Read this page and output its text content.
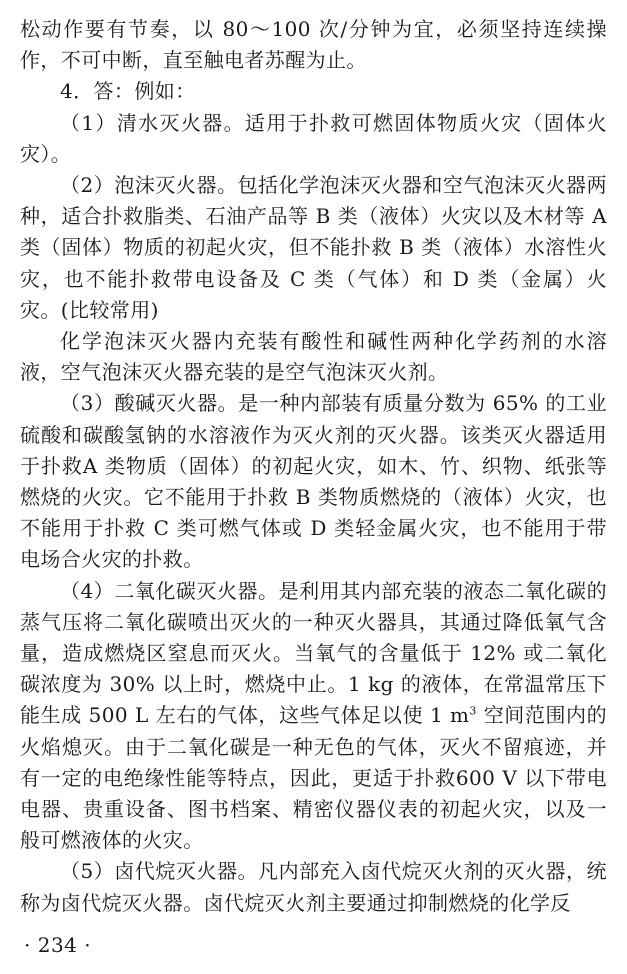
松动作要有节奏，以 80～100 次/分钟为宜，必须坚持连续操作，不可中断，直至触电者苏醒为止。

4．答：例如：

（1）清水灭火器。适用于扑救可燃固体物质火灾（固体火灾）。

（2）泡沫灭火器。包括化学泡沫灭火器和空气泡沫灭火器两种，适合扑救脂类、石油产品等 B 类（液体）火灾以及木材等 A 类（固体）物质的初起火灾，但不能扑救 B 类（液体）水溶性火灾，也不能扑救带电设备及 C 类（气体）和 D 类（金属）火灾。(比较常用)

化学泡沫灭火器内充装有酸性和碱性两种化学药剂的水溶液，空气泡沫灭火器充装的是空气泡沫灭火剂。

（3）酸碱灭火器。是一种内部装有质量分数为 65% 的工业硫酸和碳酸氢钠的水溶液作为灭火剂的灭火器。该类灭火器适用于扑救A 类物质（固体）的初起火灾，如木、竹、织物、纸张等燃烧的火灾。它不能用于扑救 B 类物质燃烧的（液体）火灾，也不能用于扑救 C 类可燃气体或 D 类轻金属火灾，也不能用于带电场合火灾的扑救。

（4）二氧化碳灭火器。是利用其内部充装的液态二氧化碳的蒸气压将二氧化碳喷出灭火的一种灭火器具，其通过降低氧气含量，造成燃烧区窒息而灭火。当氧气的含量低于 12% 或二氧化碳浓度为 30% 以上时，燃烧中止。1 kg 的液体，在常温常压下能生成 500 L 左右的气体，这些气体足以使 1 $m^3$ 空间范围内的火焰熄灭。由于二氧化碳是一种无色的气体，灭火不留痕迹，并有一定的电绝缘性能等特点，因此，更适于扑救600 V 以下带电电器、贵重设备、图书档案、精密仪器仪表的初起火灾，以及一般可燃液体的火灾。

（5）卤代烷灭火器。凡内部充入卤代烷灭火剂的灭火器，统称为卤代烷灭火器。卤代烷灭火剂主要通过抑制燃烧的化学反

· 234 ·
